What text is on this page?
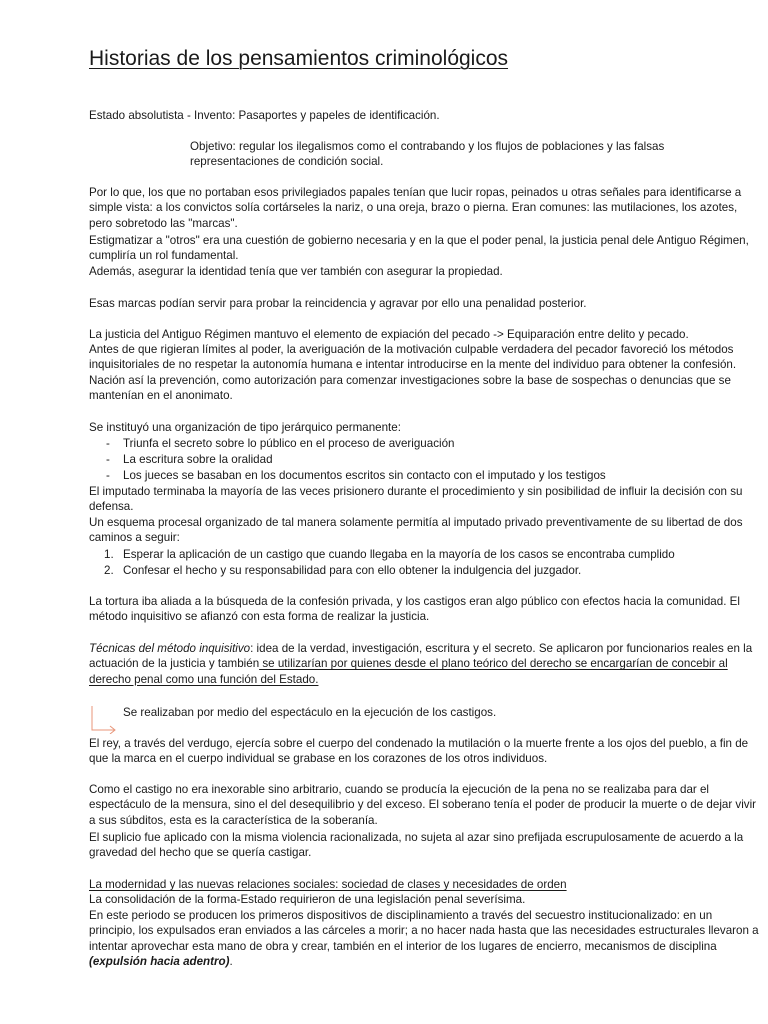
Historias de los pensamientos criminológicos

Estado absolutista - Invento: Pasaportes y papeles de identificación.

Objetivo: regular los ilegalismos como el contrabando y los flujos de poblaciones y las falsas representaciones de condición social.

Por lo que, los que no portaban esos privilegiados papales tenían que lucir ropas, peinados u otras señales para identificarse a simple vista: a los convictos solía cortárseles la nariz, o una oreja, brazo o pierna. Eran comunes: las mutilaciones, los azotes, pero sobretodo las "marcas".

Estigmatizar a "otros" era una cuestión de gobierno necesaria y en la que el poder penal, la justicia penal dele Antiguo Régimen, cumpliría un rol fundamental.

Además, asegurar la identidad tenía que ver también con asegurar la propiedad.

Esas marcas podían servir para probar la reincidencia y agravar por ello una penalidad posterior.

La justicia del Antiguo Régimen mantuvo el elemento de expiación del pecado -> Equiparación entre delito y pecado.

Antes de que rigieran límites al poder, la averiguación de la motivación culpable verdadera del pecador favoreció los métodos inquisitoriales de no respetar la autonomía humana e intentar introducirse en la mente del individuo para obtener la confesión. Nación así la prevención, como autorización para comenzar investigaciones sobre la base de sospechas o denuncias que se mantenían en el anonimato.

Se instituyó una organización de tipo jerárquico permanente:

- Triunfa el secreto sobre lo público en el proceso de averiguación
- La escritura sobre la oralidad
- Los jueces se basaban en los documentos escritos sin contacto con el imputado y los testigos

El imputado terminaba la mayoría de las veces prisionero durante el procedimiento y sin posibilidad de influir la decisión con su defensa.

Un esquema procesal organizado de tal manera solamente permitía al imputado privado preventivamente de su libertad de dos caminos a seguir:

1. Esperar la aplicación de un castigo que cuando llegaba en la mayoría de los casos se encontraba cumplido
2. Confesar el hecho y su responsabilidad para con ello obtener la indulgencia del juzgador.

La tortura iba aliada a la búsqueda de la confesión privada, y los castigos eran algo público con efectos hacia la comunidad. El método inquisitivo se afianzó con esta forma de realizar la justicia.

Técnicas del método inquisitivo: idea de la verdad, investigación, escritura y el secreto. Se aplicaron por funcionarios reales en la actuación de la justicia y también se utilizarían por quienes desde el plano teórico del derecho se encargarían de concebir al derecho penal como una función del Estado.

Se realizaban por medio del espectáculo en la ejecución de los castigos.

El rey, a través del verdugo, ejercía sobre el cuerpo del condenado la mutilación o la muerte frente a los ojos del pueblo, a fin de que la marca en el cuerpo individual se grabase en los corazones de los otros individuos.

Como el castigo no era inexorable sino arbitrario, cuando se producía la ejecución de la pena no se realizaba para dar el espectáculo de la mensura, sino el del desequilibrio y del exceso. El soberano tenía el poder de producir la muerte o de dejar vivir a sus súbditos, esta es la característica de la soberanía.

El suplicio fue aplicado con la misma violencia racionalizada, no sujeta al azar sino prefijada escrupulosamente de acuerdo a la gravedad del hecho que se quería castigar.

La modernidad y las nuevas relaciones sociales: sociedad de clases y necesidades de orden

La consolidación de la forma-Estado requirieron de una legislación penal severísima.

En este periodo se producen los primeros dispositivos de disciplinamiento a través del secuestro institucionalizado: en un principio, los expulsados eran enviados a las cárceles a morir; a no hacer nada hasta que las necesidades estructurales llevaron a intentar aprovechar esta mano de obra y crear, también en el interior de los lugares de encierro, mecanismos de disciplina (expulsión hacia adentro).
